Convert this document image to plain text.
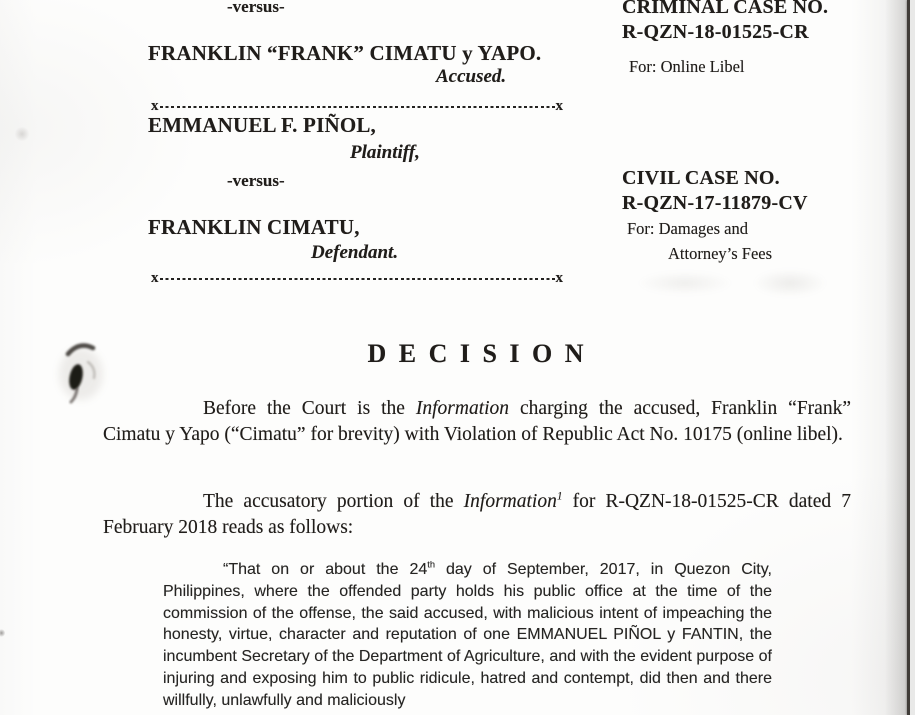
-versus-
FRANKLIN “FRANK” CIMATU y YAPO.
Accused.
x	x
EMMANUEL F. PIÑOL,
Plaintiff,
-versus-
FRANKLIN CIMATU,
Defendant.
x	x
CRIMINAL CASE NO.
R-QZN-18-01525-CR
For: Online Libel
CIVIL CASE NO.
R-QZN-17-11879-CV
For: Damages and
Attorney’s Fees
D E C I S I O N

Before the Court is the Information charging the accused, Franklin “Frank” Cimatu y Yapo (“Cimatu” for brevity) with Violation of Republic Act No. 10175 (online libel).

The accusatory portion of the Information$^1$ for R-QZN-18-01525-CR dated 7 February 2018 reads as follows:

“That on or about the 24th day of September, 2017, in Quezon City, Philippines, where the offended party holds his public office at the time of the commission of the offense, the said accused, with malicious intent of impeaching the honesty, virtue, character and reputation of one EMMANUEL PIÑOL y FANTIN, the incumbent Secretary of the Department of Agriculture, and with the evident purpose of injuring and exposing him to public ridicule, hatred and contempt, did then and there willfully, unlawfully and maliciously
